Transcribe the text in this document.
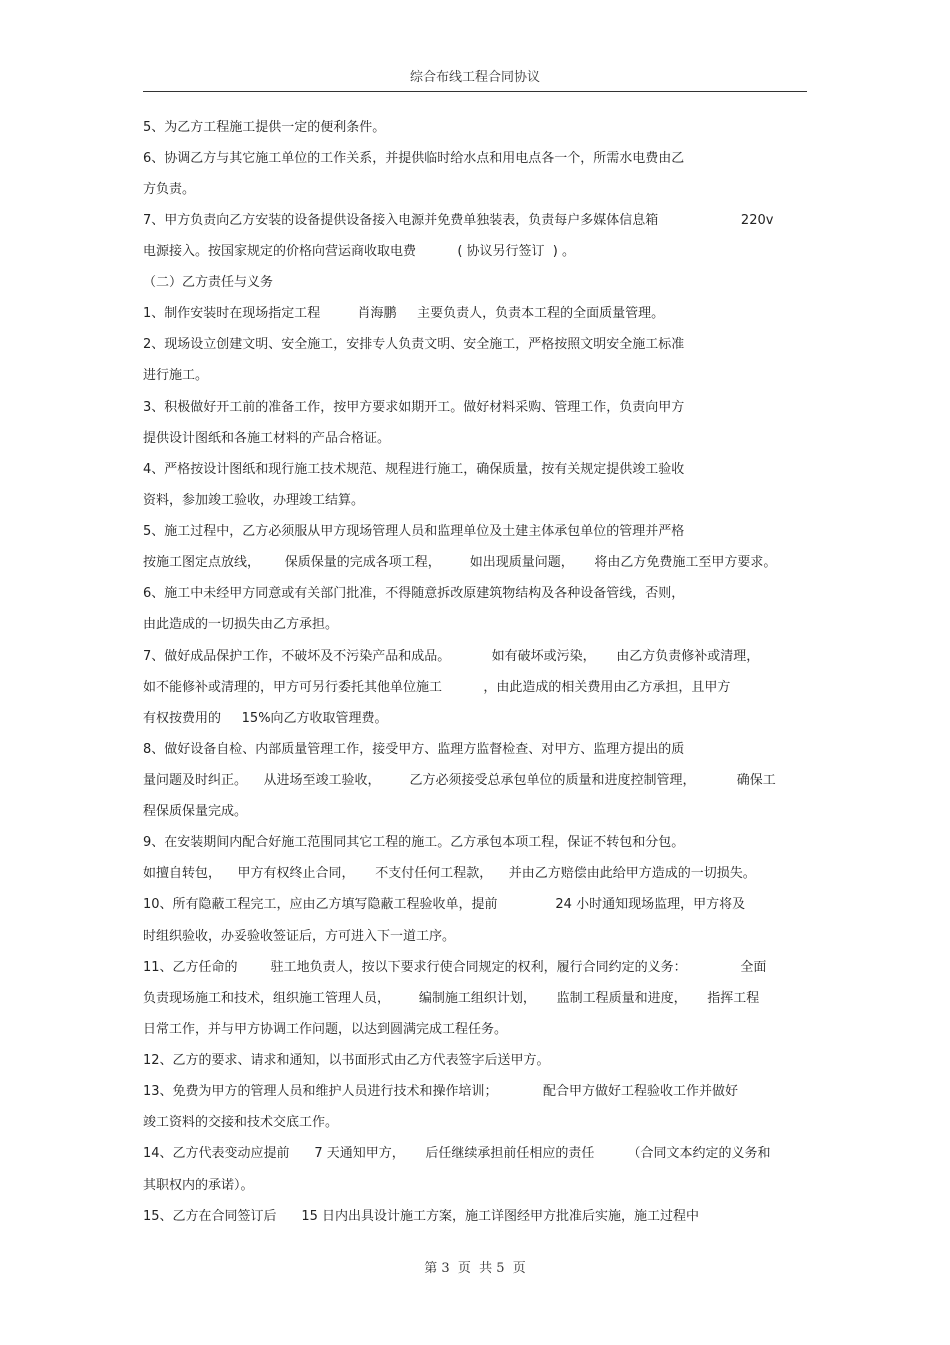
综合布线工程合同协议
5、为乙方工程施工提供一定的便利条件。
6、协调乙方与其它施工单位的工作关系，并提供临时给水点和用电点各一个，所需水电费由乙
方负责。
7、甲方负责向乙方安装的设备提供设备接入电源并免费单独装表，负责每户多媒体信息箱                    220v
电源接入。按国家规定的价格向营运商收取电费          ( 协议另行签订  ) 。
（二）乙方责任与义务
1、制作安装时在现场指定工程         肖海鹏     主要负责人，负责本工程的全面质量管理。
2、现场设立创建文明、安全施工，安排专人负责文明、安全施工，严格按照文明安全施工标准
进行施工。
3、积极做好开工前的准备工作，按甲方要求如期开工。做好材料采购、管理工作，负责向甲方
提供设计图纸和各施工材料的产品合格证。
4、严格按设计图纸和现行施工技术规范、规程进行施工，确保质量，按有关规定提供竣工验收
资料，参加竣工验收，办理竣工结算。
5、施工过程中，乙方必须服从甲方现场管理人员和监理单位及土建主体承包单位的管理并严格
按施工图定点放线，      保质保量的完成各项工程，       如出现质量问题，     将由乙方免费施工至甲方要求。
6、施工中未经甲方同意或有关部门批准，不得随意拆改原建筑物结构及各种设备管线，否则，
由此造成的一切损失由乙方承担。
7、做好成品保护工作，不破坏及不污染产品和成品。          如有破坏或污染，     由乙方负责修补或清理，
如不能修补或清理的，甲方可另行委托其他单位施工          ，由此造成的相关费用由乙方承担，且甲方
有权按费用的     15%向乙方收取管理费。
8、做好设备自检、内部质量管理工作，接受甲方、监理方监督检查、对甲方、监理方提出的质
量问题及时纠正。    从进场至竣工验收，       乙方必须接受总承包单位的质量和进度控制管理，          确保工
程保质保量完成。
9、在安装期间内配合好施工范围同其它工程的施工。乙方承包本项工程，保证不转包和分包。
如擅自转包，    甲方有权终止合同，     不支付任何工程款，    并由乙方赔偿由此给甲方造成的一切损失。
10、所有隐蔽工程完工，应由乙方填写隐蔽工程验收单，提前              24 小时通知现场监理，甲方将及
时组织验收，办妥验收签证后，方可进入下一道工序。
11、乙方任命的        驻工地负责人，按以下要求行使合同规定的权利，履行合同约定的义务：             全面
负责现场施工和技术，组织施工管理人员，       编制施工组织计划，     监制工程质量和进度，     指挥工程
日常工作，并与甲方协调工作问题，以达到圆满完成工程任务。
12、乙方的要求、请求和通知，以书面形式由乙方代表签字后送甲方。
13、免费为甲方的管理人员和维护人员进行技术和操作培训；           配合甲方做好工程验收工作并做好
竣工资料的交接和技术交底工作。
14、乙方代表变动应提前      7 天通知甲方，     后任继续承担前任相应的责任        （合同文本约定的义务和
其职权内的承诺）。
15、乙方在合同签订后      15 日内出具设计施工方案，施工详图经甲方批准后实施，施工过程中
第 3  页  共 5  页
